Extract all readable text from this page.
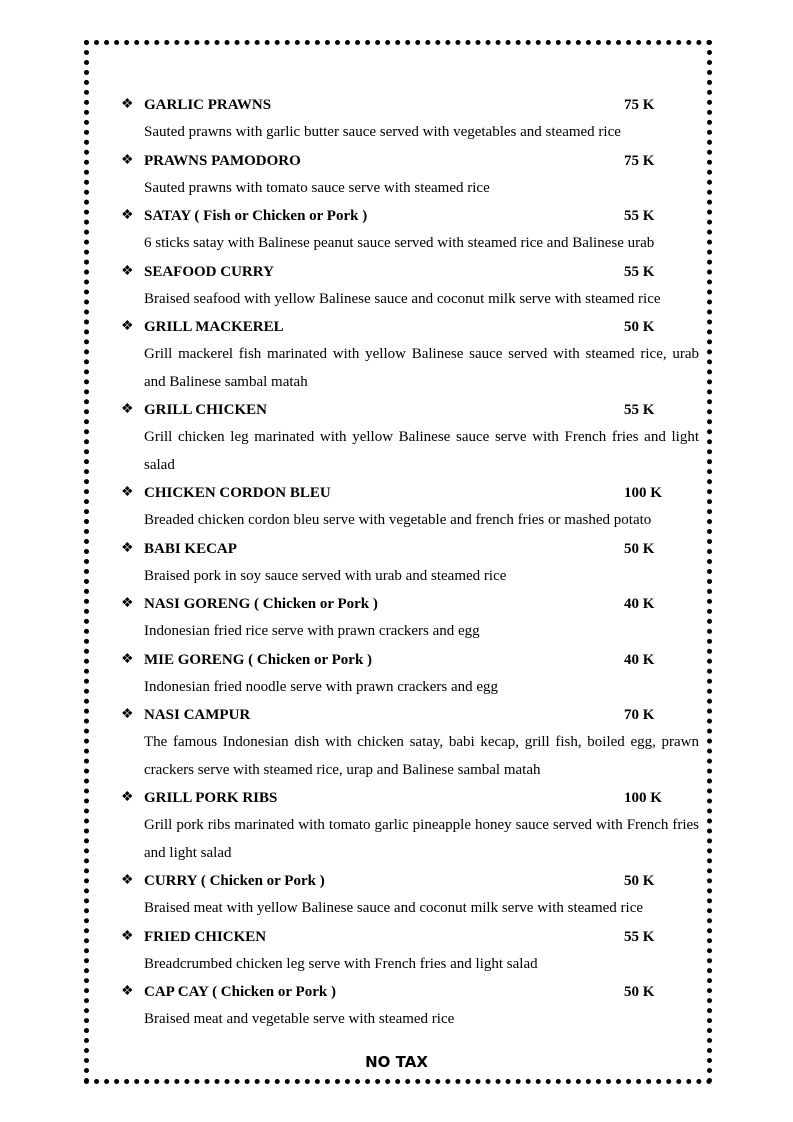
❖ GARLIC PRAWNS	75 K

Sauted prawns with garlic butter sauce served with vegetables and steamed rice

❖ PRAWNS PAMODORO	75 K

Sauted prawns with tomato sauce serve with steamed rice

❖ SATAY ( Fish or Chicken or Pork )	55 K

6 sticks satay with Balinese peanut sauce served with steamed rice and Balinese urab

❖ SEAFOOD CURRY	55 K

Braised seafood with yellow Balinese sauce and coconut milk serve with steamed rice

❖ GRILL MACKEREL	50 K

Grill mackerel fish marinated with yellow Balinese sauce served with steamed rice, urab and Balinese sambal matah

❖ GRILL CHICKEN	55 K

Grill chicken leg marinated with yellow Balinese sauce serve with French fries and light salad

❖ CHICKEN CORDON BLEU	100 K

Breaded chicken cordon bleu serve with vegetable and french fries or mashed potato

❖ BABI KECAP	50 K

Braised pork in soy sauce served with urab and steamed rice

❖ NASI GORENG ( Chicken or Pork )	40 K

Indonesian fried rice serve with prawn crackers and egg

❖ MIE GORENG ( Chicken or Pork )	40 K

Indonesian fried noodle serve with prawn crackers and egg

❖ NASI CAMPUR	70 K

The famous Indonesian dish with chicken satay, babi kecap, grill fish, boiled egg, prawn crackers serve with steamed rice, urap and Balinese sambal matah

❖ GRILL PORK RIBS	100 K

Grill pork ribs marinated with tomato garlic pineapple honey sauce served with French fries and light salad

❖ CURRY ( Chicken or Pork )	50 K

Braised meat with yellow Balinese sauce and coconut milk serve with steamed rice

❖ FRIED CHICKEN	55 K

Breadcrumbed chicken leg serve with French fries and light salad

❖ CAP CAY ( Chicken or Pork )	50 K

Braised meat and vegetable serve with steamed rice

NO TAX
